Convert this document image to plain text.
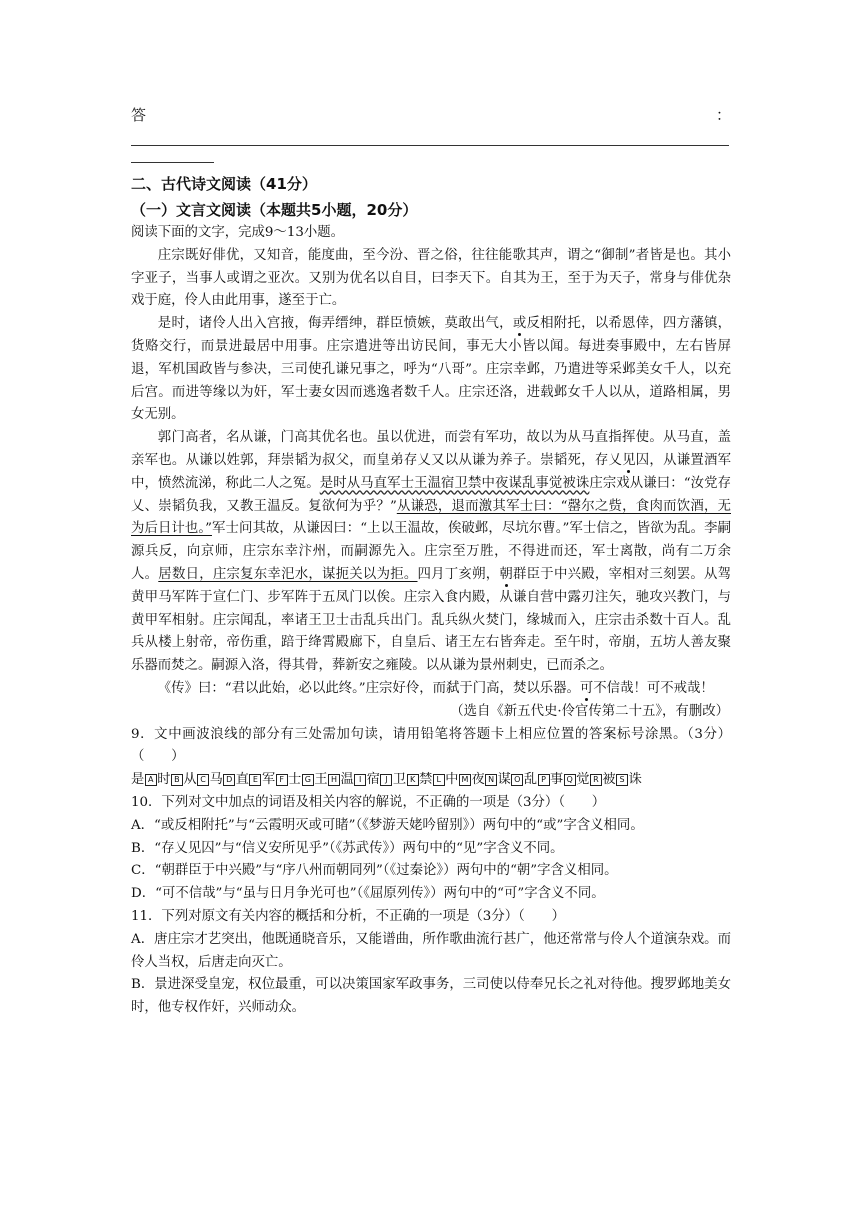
答	：
二、古代诗文阅读（41分）
（一）文言文阅读（本题共5小题，20分）

阅读下面的文字，完成9～13小题。

庄宗既好俳优，又知音，能度曲，至今汾、晋之俗，往往能歌其声，谓之“御制”者皆是也。其小字亚子，当事人或谓之亚次。又别为优名以自目，曰李天下。自其为王，至于为天子，常身与俳优杂戏于庭，伶人由此用事，遂至于亡。

是时，诸伶人出入宫掖，侮弄缙绅，群臣愤嫉，莫敢出气，或反相附托，以希恩倖，四方藩镇，货赂交行，而景进最居中用事。庄宗遣进等出访民间，事无大小皆以闻。每进奏事殿中，左右皆屏退，军机国政皆与参决，三司使孔谦兄事之，呼为“八哥”。庄宗幸邺，乃遣进等采邺美女千人，以充后宫。而进等缘以为奸，军士妻女因而逃逸者数千人。庄宗还洛，进载邺女千人以从，道路相属，男女无别。

郭门高者，名从谦，门高其优名也。虽以优进，而尝有军功，故以为从马直指挥使。从马直，盖亲军也。从谦以姓郭，拜崇韬为叔父，而皇弟存乂又以从谦为养子。崇韬死，存乂见囚，从谦置酒军中，愤然流涕，称此二人之冤。是时从马直军士王温宿卫禁中夜谋乱事觉被诛庄宗戏从谦曰：“汝党存乂、崇韬负我，又教王温反。复欲何为乎？”从谦恐，退而激其军士曰：“罄尔之赀，食肉而饮酒，无为后日计也。”军士问其故，从谦因曰：“上以王温故，俟破邺，尽坑尔曹。”军士信之，皆欲为乱。李嗣源兵反，向京师，庄宗东幸汴州，而嗣源先入。庄宗至万胜，不得进而还，军士离散，尚有二万余人。居数日，庄宗复东幸汜水，谋扼关以为拒。四月丁亥朔，朝群臣于中兴殿，宰相对三刻罢。从驾黄甲马军阵于宣仁门、步军阵于五凤门以俟。庄宗入食内殿，从谦自营中露刃注矢，驰攻兴教门，与黄甲军相射。庄宗闻乱，率诸王卫士击乱兵出门。乱兵纵火焚门，缘城而入，庄宗击杀数十百人。乱兵从楼上射帝，帝伤重，踣于绛霄殿廊下，自皇后、诸王左右皆奔走。至午时，帝崩，五坊人善友聚乐器而焚之。嗣源入洛，得其骨，葬新安之雍陵。以从谦为景州刺史，已而杀之。

《传》曰：“君以此始，必以此终。”庄宗好伶，而弑于门高，焚以乐器。可不信哉！可不戒哉！

（选自《新五代史·伶官传第二十五》，有删改）

9．文中画波浪线的部分有三处需加句读，请用铅笔将答题卡上相应位置的答案标号涂黑。（3分）（　　）

是 A 时 B 从 C 马 D 直 E 军 F 士 G 王 H 温 I 宿 J 卫 K 禁 L 中 M 夜 N 谋 O 乱 P 事 Q 觉 R 被 S 诛

10．下列对文中加点的词语及相关内容的解说，不正确的一项是（3分）（　　）

A．“或反相附托”与“云霞明灭或可睹”（《梦游天姥吟留别》）两句中的“或”字含义相同。

B．“存乂见囚”与“信义安所见乎”（《苏武传》）两句中的“见”字含义不同。

C．“朝群臣于中兴殿”与“序八州而朝同列”（《过秦论》）两句中的“朝”字含义相同。

D．“可不信哉”与“虽与日月争光可也”（《屈原列传》）两句中的“可”字含义不同。

11．下列对原文有关内容的概括和分析，不正确的一项是（3分）（　　）

A．唐庄宗才艺突出，他既通晓音乐，又能谱曲，所作歌曲流行甚广，他还常常与伶人个道演杂戏。而伶人当权，后唐走向灭亡。

B．景进深受皇宠，权位最重，可以决策国家军政事务，三司使以侍奉兄长之礼对待他。搜罗邺地美女时，他专权作奸，兴师动众。
